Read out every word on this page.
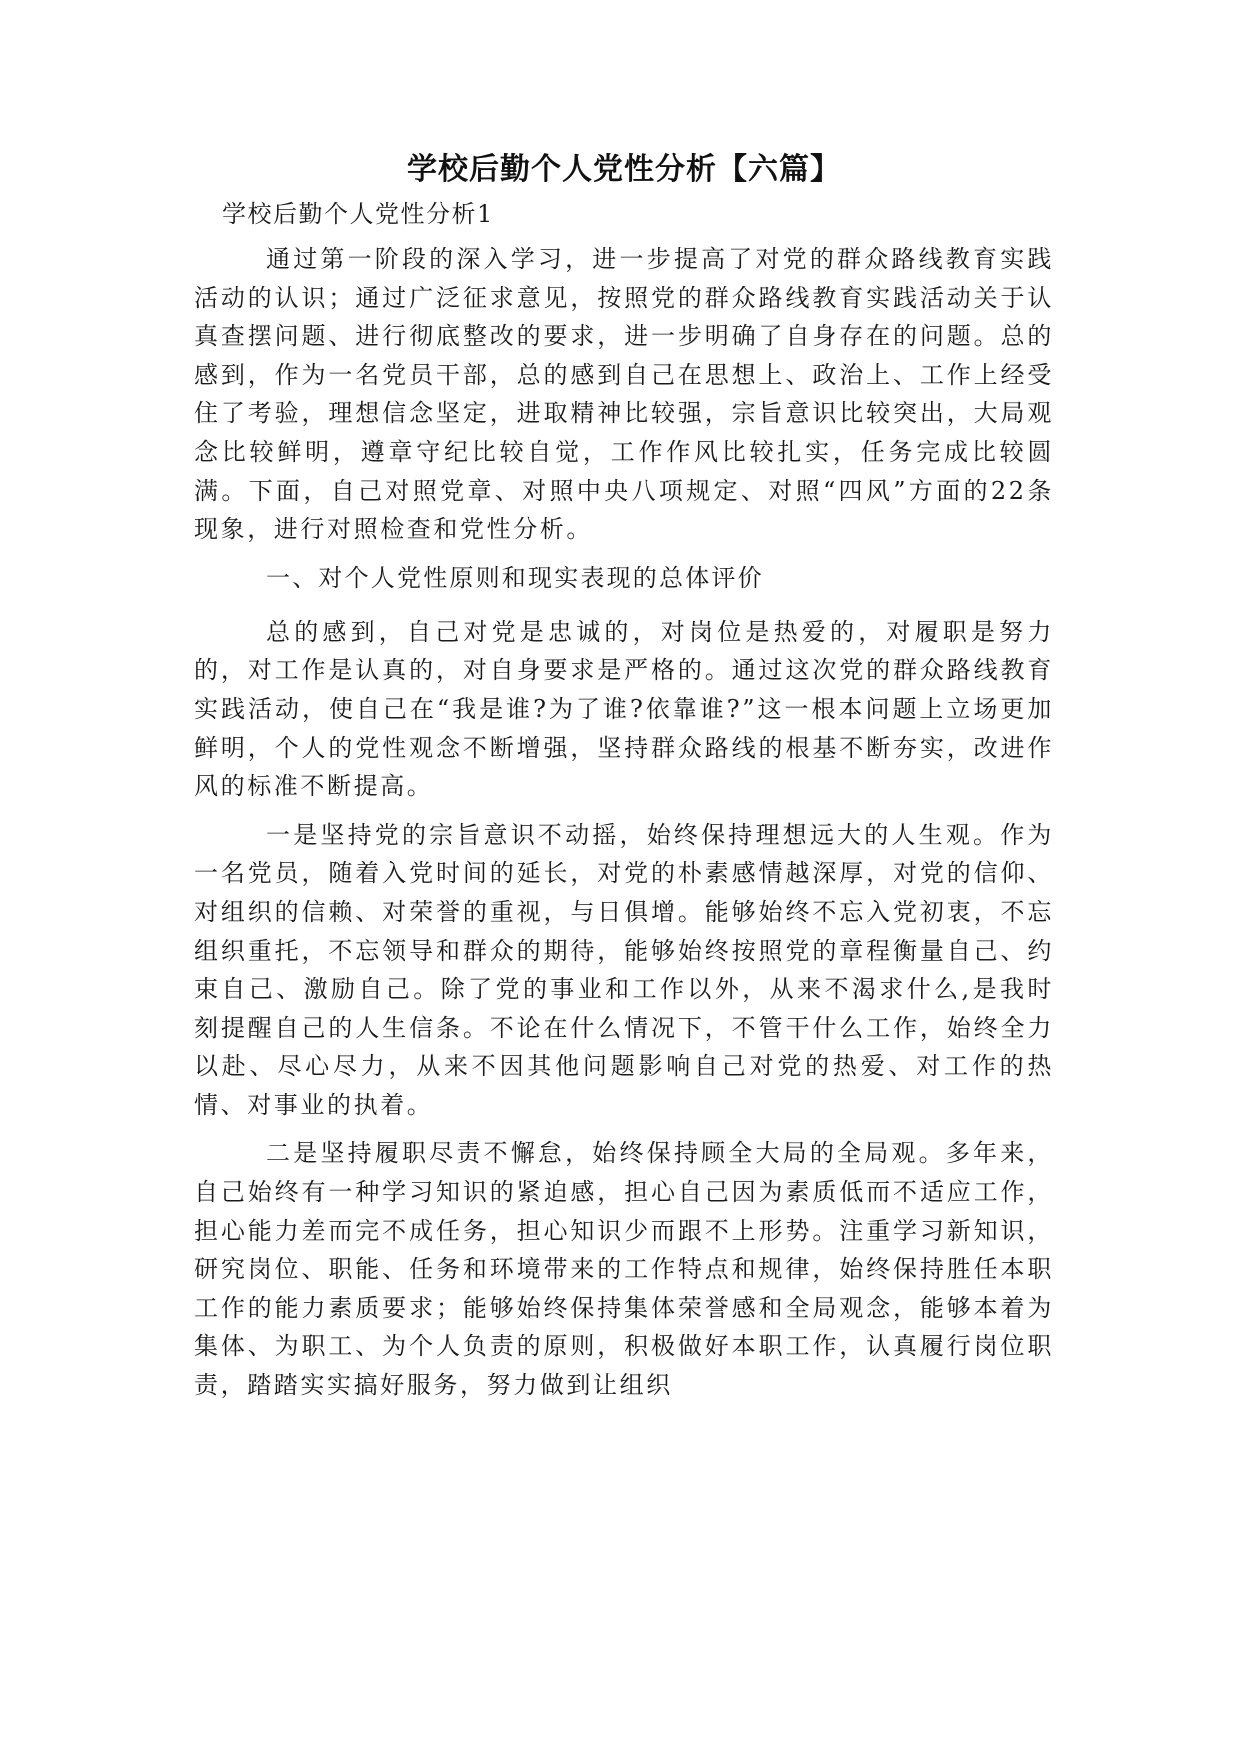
学校后勤个人党性分析【六篇】
学校后勤个人党性分析1

通过第一阶段的深入学习，进一步提高了对党的群众路线教育实践活动的认识；通过广泛征求意见，按照党的群众路线教育实践活动关于认真查摆问题、进行彻底整改的要求，进一步明确了自身存在的问题。总的感到，作为一名党员干部，总的感到自己在思想上、政治上、工作上经受住了考验，理想信念坚定，进取精神比较强，宗旨意识比较突出，大局观念比较鲜明，遵章守纪比较自觉，工作作风比较扎实，任务完成比较圆满。下面，自己对照党章、对照中央八项规定、对照“四风”方面的22条现象，进行对照检查和党性分析。

一、对个人党性原则和现实表现的总体评价

总的感到，自己对党是忠诚的，对岗位是热爱的，对履职是努力的，对工作是认真的，对自身要求是严格的。通过这次党的群众路线教育实践活动，使自己在“我是谁?为了谁?依靠谁?”这一根本问题上立场更加鲜明，个人的党性观念不断增强，坚持群众路线的根基不断夯实，改进作风的标准不断提高。

一是坚持党的宗旨意识不动摇，始终保持理想远大的人生观。作为一名党员，随着入党时间的延长，对党的朴素感情越深厚，对党的信仰、对组织的信赖、对荣誉的重视，与日俱增。能够始终不忘入党初衷，不忘组织重托，不忘领导和群众的期待，能够始终按照党的章程衡量自己、约束自己、激励自己。除了党的事业和工作以外，从来不渴求什么,是我时刻提醒自己的人生信条。不论在什么情况下，不管干什么工作，始终全力以赴、尽心尽力，从来不因其他问题影响自己对党的热爱、对工作的热情、对事业的执着。

二是坚持履职尽责不懈怠，始终保持顾全大局的全局观。多年来，自己始终有一种学习知识的紧迫感，担心自己因为素质低而不适应工作，担心能力差而完不成任务，担心知识少而跟不上形势。注重学习新知识，研究岗位、职能、任务和环境带来的工作特点和规律，始终保持胜任本职工作的能力素质要求；能够始终保持集体荣誉感和全局观念，能够本着为集体、为职工、为个人负责的原则，积极做好本职工作，认真履行岗位职责，踏踏实实搞好服务，努力做到让组织
